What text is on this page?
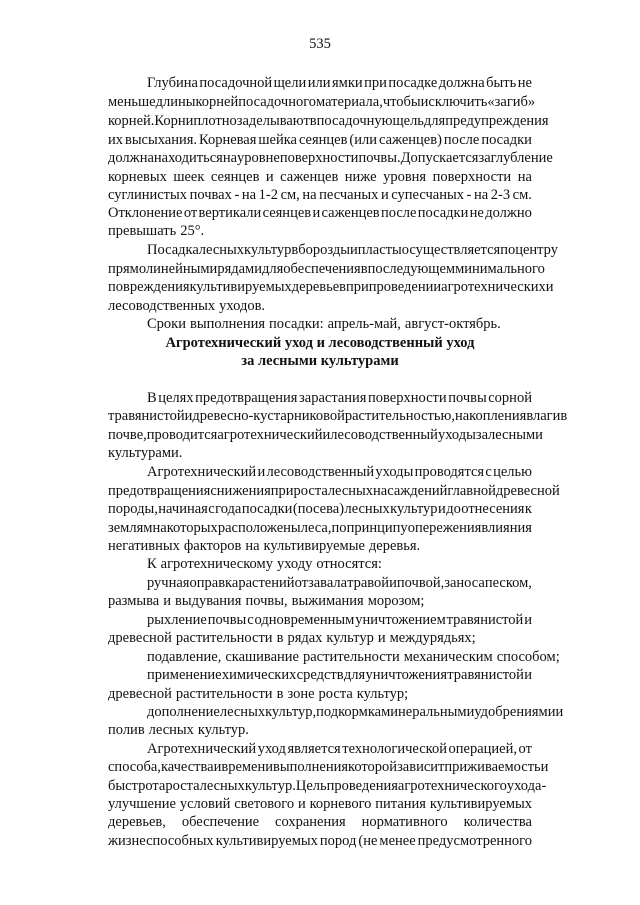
535
Глубина посадочной щели или ямки при посадке должна быть не
меньше длины корней посадочного материала, чтобы исключить «загиб»
корней. Корни плотно заделывают в посадочную щель для предупреждения
их высыхания. Корневая шейка сеянцев (или саженцев) после посадки
должна находиться на уровне поверхности почвы. Допускается заглубление
корневых шеек сеянцев и саженцев ниже уровня поверхности на
суглинистых почвах - на 1-2 см, на песчаных и супесчаных - на 2-3 см.
Отклонение от вертикали сеянцев и саженцев после посадки не должно
превышать 25°.
Посадка лесных культур в борозды и пласты осуществляется по центру
прямолинейными рядами для обеспечения в последующем минимального
повреждения культивируемых деревьев при проведении агротехнических и
лесоводственных уходов.
Сроки выполнения посадки: апрель-май, август-октябрь.
Агротехнический уход и лесоводственный уход
за лесными культурами
В целях предотвращения зарастания поверхности почвы сорной
травянистой и древесно-кустарниковой растительностью, накопления влаги в
почве, проводится агротехнический и лесоводственный уходы за лесными
культурами.
Агротехнический и лесоводственный уходы проводятся с целью
предотвращения снижения прироста лесных насаждений главной древесной
породы, начиная с года посадки (посева) лесных культур и до отнесения к
землям на которых расположены леса, по принципу опережения влияния
негативных факторов на культивируемые деревья.
К агротехническому уходу относятся:
ручная оправка растений от завала травой и почвой, заноса песком,
размыва и выдувания почвы, выжимания морозом;
рыхление почвы с одновременным уничтожением травянистой и
древесной растительности в рядах культур и междурядьях;
подавление, скашивание растительности механическим способом;
применение химических средств для уничтожения травянистой и
древесной растительности в зоне роста культур;
дополнение лесных культур, подкормка минеральными удобрениями и
полив лесных культур.
Агротехнический уход является технологической операцией, от
способа, качества и времени выполнения которой зависит приживаемость и
быстрота роста лесных культур. Цель проведения агротехнического ухода -
улучшение условий светового и корневого питания культивируемых
деревьев, обеспечение сохранения нормативного количества
жизнеспособных культивируемых пород (не менее предусмотренного
